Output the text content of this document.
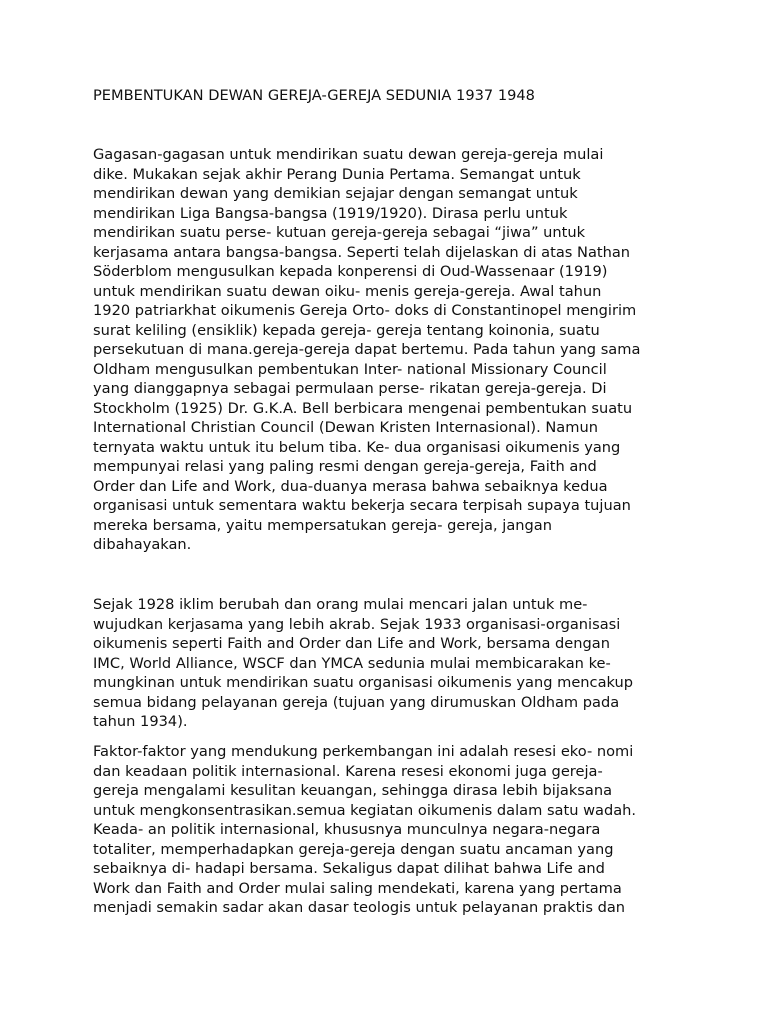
PEMBENTUKAN DEWAN GEREJA-GEREJA SEDUNIA 1937 1948

Gagasan-gagasan untuk mendirikan suatu dewan gereja-gereja mulai
dike. Mukakan sejak akhir Perang Dunia Pertama. Semangat untuk
mendirikan dewan yang demikian sejajar dengan semangat untuk
mendirikan Liga Bangsa-bangsa (1919/1920). Dirasa perlu untuk
mendirikan suatu perse- kutuan gereja-gereja sebagai “jiwa” untuk
kerjasama antara bangsa-bangsa. Seperti telah dijelaskan di atas Nathan
Söderblom mengusulkan kepada konperensi di Oud-Wassenaar (1919)
untuk mendirikan suatu dewan oiku- menis gereja-gereja. Awal tahun
1920 patriarkhat oikumenis Gereja Orto- doks di Constantinopel mengirim
surat keliling (ensiklik) kepada gereja- gereja tentang koinonia, suatu
persekutuan di mana.gereja-gereja dapat bertemu. Pada tahun yang sama
Oldham mengusulkan pembentukan Inter- national Missionary Council
yang dianggapnya sebagai permulaan perse- rikatan gereja-gereja. Di
Stockholm (1925) Dr. G.K.A. Bell berbicara mengenai pembentukan suatu
International Christian Council (Dewan Kristen Internasional). Namun
ternyata waktu untuk itu belum tiba. Ke- dua organisasi oikumenis yang
mempunyai relasi yang paling resmi dengan gereja-gereja, Faith and
Order dan Life and Work, dua-duanya merasa bahwa sebaiknya kedua
organisasi untuk sementara waktu bekerja secara terpisah supaya tujuan
mereka bersama, yaitu mempersatukan gereja- gereja, jangan
dibahayakan.

Sejak 1928 iklim berubah dan orang mulai mencari jalan untuk me-
wujudkan kerjasama yang lebih akrab. Sejak 1933 organisasi-organisasi
oikumenis seperti Faith and Order dan Life and Work, bersama dengan
IMC, World Alliance, WSCF dan YMCA sedunia mulai membicarakan ke-
mungkinan untuk mendirikan suatu organisasi oikumenis yang mencakup
semua bidang pelayanan gereja (tujuan yang dirumuskan Oldham pada
tahun 1934).

Faktor-faktor yang mendukung perkembangan ini adalah resesi eko- nomi
dan keadaan politik internasional. Karena resesi ekonomi juga gereja-
gereja mengalami kesulitan keuangan, sehingga dirasa lebih bijaksana
untuk mengkonsentrasikan.semua kegiatan oikumenis dalam satu wadah.
Keada- an politik internasional, khususnya munculnya negara-negara
totaliter, memperhadapkan gereja-gereja dengan suatu ancaman yang
sebaiknya di- hadapi bersama. Sekaligus dapat dilihat bahwa Life and
Work dan Faith and Order mulai saling mendekati, karena yang pertama
menjadi semakin sadar akan dasar teologis untuk pelayanan praktis dan
